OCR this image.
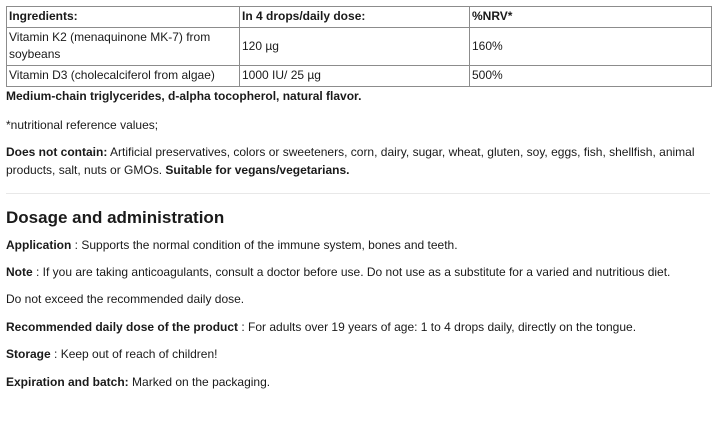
Ingredients:	In 4 drops/daily dose:	%NRV*
Vitamin K2 (menaquinone MK-7) from soybeans	120 µg	160%
Vitamin D3 (cholecalciferol from algae)	1000 IU/ 25 µg	500%

Medium-chain triglycerides, d-alpha tocopherol, natural flavor.

*nutritional reference values;

Does not contain: Artificial preservatives, colors or sweeteners, corn, dairy, sugar, wheat, gluten, soy, eggs, fish, shellfish, animal products, salt, nuts or GMOs. Suitable for vegans/vegetarians.

Dosage and administration

Application : Supports the normal condition of the immune system, bones and teeth.

Note : If you are taking anticoagulants, consult a doctor before use. Do not use as a substitute for a varied and nutritious diet.

Do not exceed the recommended daily dose.

Recommended daily dose of the product : For adults over 19 years of age: 1 to 4 drops daily, directly on the tongue.

Storage : Keep out of reach of children!

Expiration and batch: Marked on the packaging.
